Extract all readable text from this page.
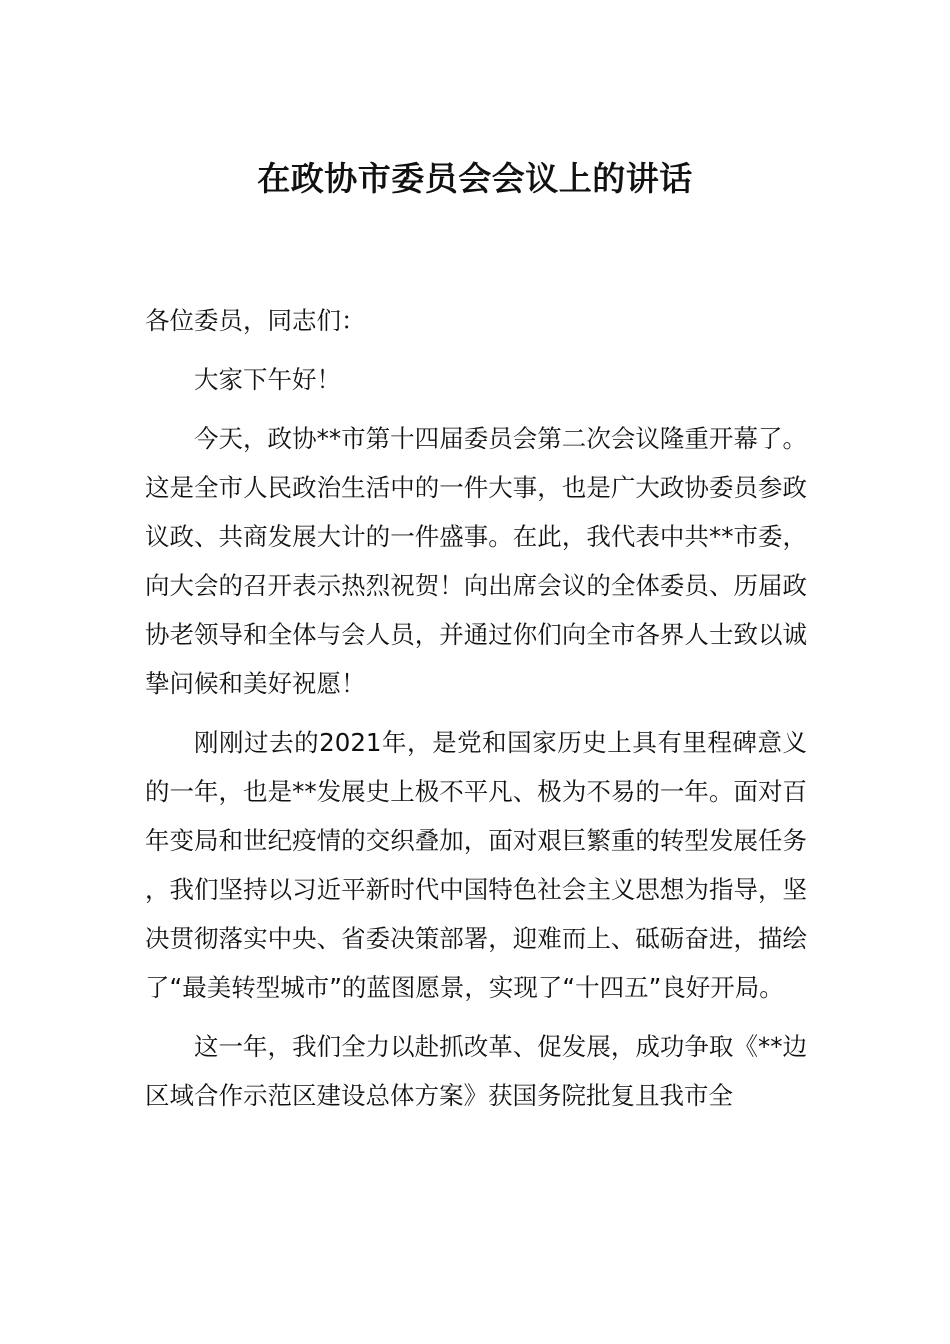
在政协市委员会会议上的讲话

各位委员，同志们：

大家下午好！

今天，政协**市第十四届委员会第二次会议隆重开幕了。这是全市人民政治生活中的一件大事，也是广大政协委员参政议政、共商发展大计的一件盛事。在此，我代表中共**市委，向大会的召开表示热烈祝贺！向出席会议的全体委员、历届政协老领导和全体与会人员，并通过你们向全市各界人士致以诚挚问候和美好祝愿！

刚刚过去的2021年，是党和国家历史上具有里程碑意义的一年，也是**发展史上极不平凡、极为不易的一年。面对百年变局和世纪疫情的交织叠加，面对艰巨繁重的转型发展任务，我们坚持以习近平新时代中国特色社会主义思想为指导，坚决贯彻落实中央、省委决策部署，迎难而上、砥砺奋进，描绘了“最美转型城市”的蓝图愿景，实现了“十四五”良好开局。

这一年，我们全力以赴抓改革、促发展，成功争取《**边区域合作示范区建设总体方案》获国务院批复且我市全
